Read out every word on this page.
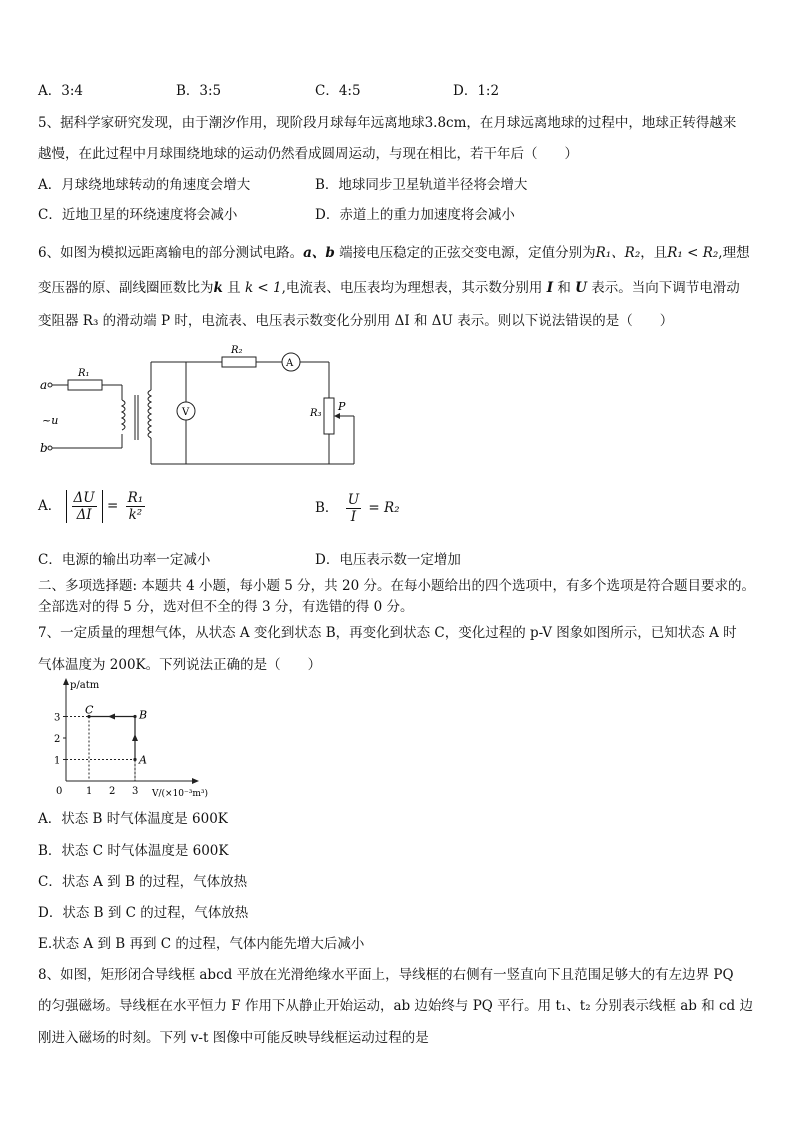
A．3:4	B．3:5	C．4:5	D．1:2
5、据科学家研究发现，由于潮汐作用，现阶段月球每年远离地球3.8cm，在月球远离地球的过程中，地球正转得越来
越慢，在此过程中月球围绕地球的运动仍然看成圆周运动，与现在相比，若干年后（　　）
A．月球绕地球转动的角速度会增大	B．地球同步卫星轨道半径将会增大
C．近地卫星的环绕速度将会减小	D．赤道上的重力加速度将会减小
6、如图为模拟远距离输电的部分测试电路。a、b 端接电压稳定的正弦交变电源，定值分别为R₁、R₂，且R₁ < R₂,理想
变压器的原、副线圈匝数比为k 且 k < 1,电流表、电压表均为理想表，其示数分别用 I 和 U 表示。当向下调节电滑动
变阻器 R₃ 的滑动端 P 时，电流表、电压表示数变化分别用 ΔI 和 ΔU 表示。则以下说法错误的是（　　）
a
b
~u
R₁
R₂
R₃
P
A
V
A． $\frac{\Delta U}{\Delta I} = \frac{\text{R₁}}{\text{k²}}$	B． $\frac{U}{I} = R_2$
C．电源的输出功率一定减小	D．电压表示数一定增加
二、多项选择题: 本题共 4 小题，每小题 5 分，共 20 分。在每小题给出的四个选项中，有多个选项是符合题目要求的。
全部选对的得 5 分，选对但不全的得 3 分，有选错的得 0 分。
7、一定质量的理想气体，从状态 A 变化到状态 B，再变化到状态 C，变化过程的 p-V 图象如图所示，已知状态 A 时
气体温度为 200K。下列说法正确的是（　　）
1 2 3
1
2
3
C	B
A
p/atm
V/(×10⁻³m³)
0
A．状态 B 时气体温度是 600K
B．状态 C 时气体温度是 600K
C．状态 A 到 B 的过程，气体放热
D．状态 B 到 C 的过程，气体放热
E.状态 A 到 B 再到 C 的过程，气体内能先增大后减小
8、如图，矩形闭合导线框 abcd 平放在光滑绝缘水平面上，导线框的右侧有一竖直向下且范围足够大的有左边界 PQ
的匀强磁场。导线框在水平恒力 F 作用下从静止开始运动，ab 边始终与 PQ 平行。用 t₁、t₂ 分别表示线框 ab 和 cd 边
刚进入磁场的时刻。下列 v-t 图像中可能反映导线框运动过程的是
